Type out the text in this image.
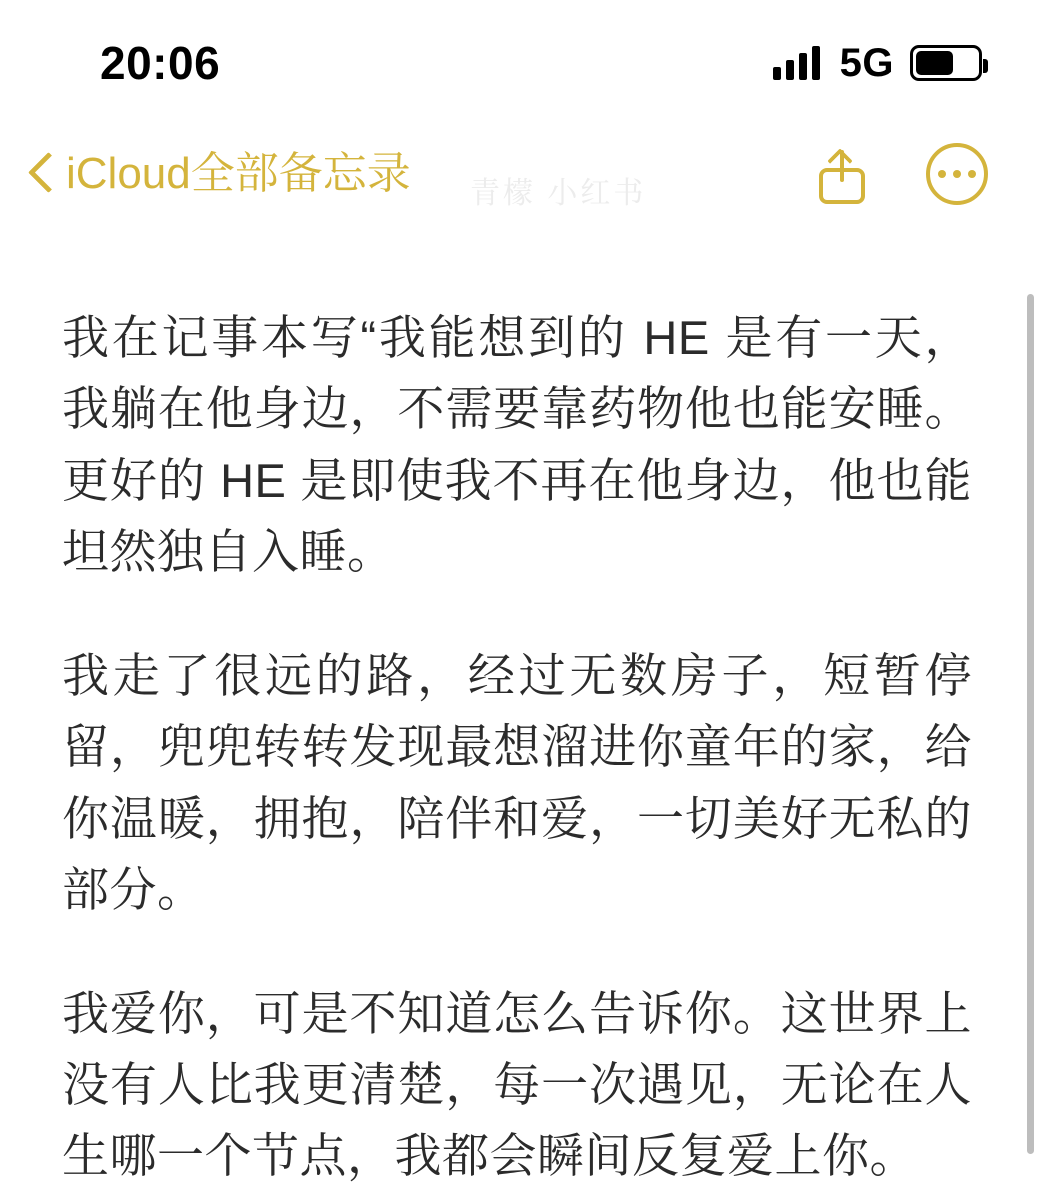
20:06	5G
iCloud全部备忘录 青檬 小红书

我在记事本写“我能想到的 HE 是有一天，我躺在他身边，不需要靠药物他也能安睡。更好的 HE 是即使我不再在他身边，他也能坦然独自入睡。

我走了很远的路，经过无数房子，短暂停留，兜兜转转发现最想溜进你童年的家，给你温暖，拥抱，陪伴和爱，一切美好无私的部分。

我爱你，可是不知道怎么告诉你。这世界上没有人比我更清楚，每一次遇见，无论在人生哪一个节点，我都会瞬间反复爱上你。
